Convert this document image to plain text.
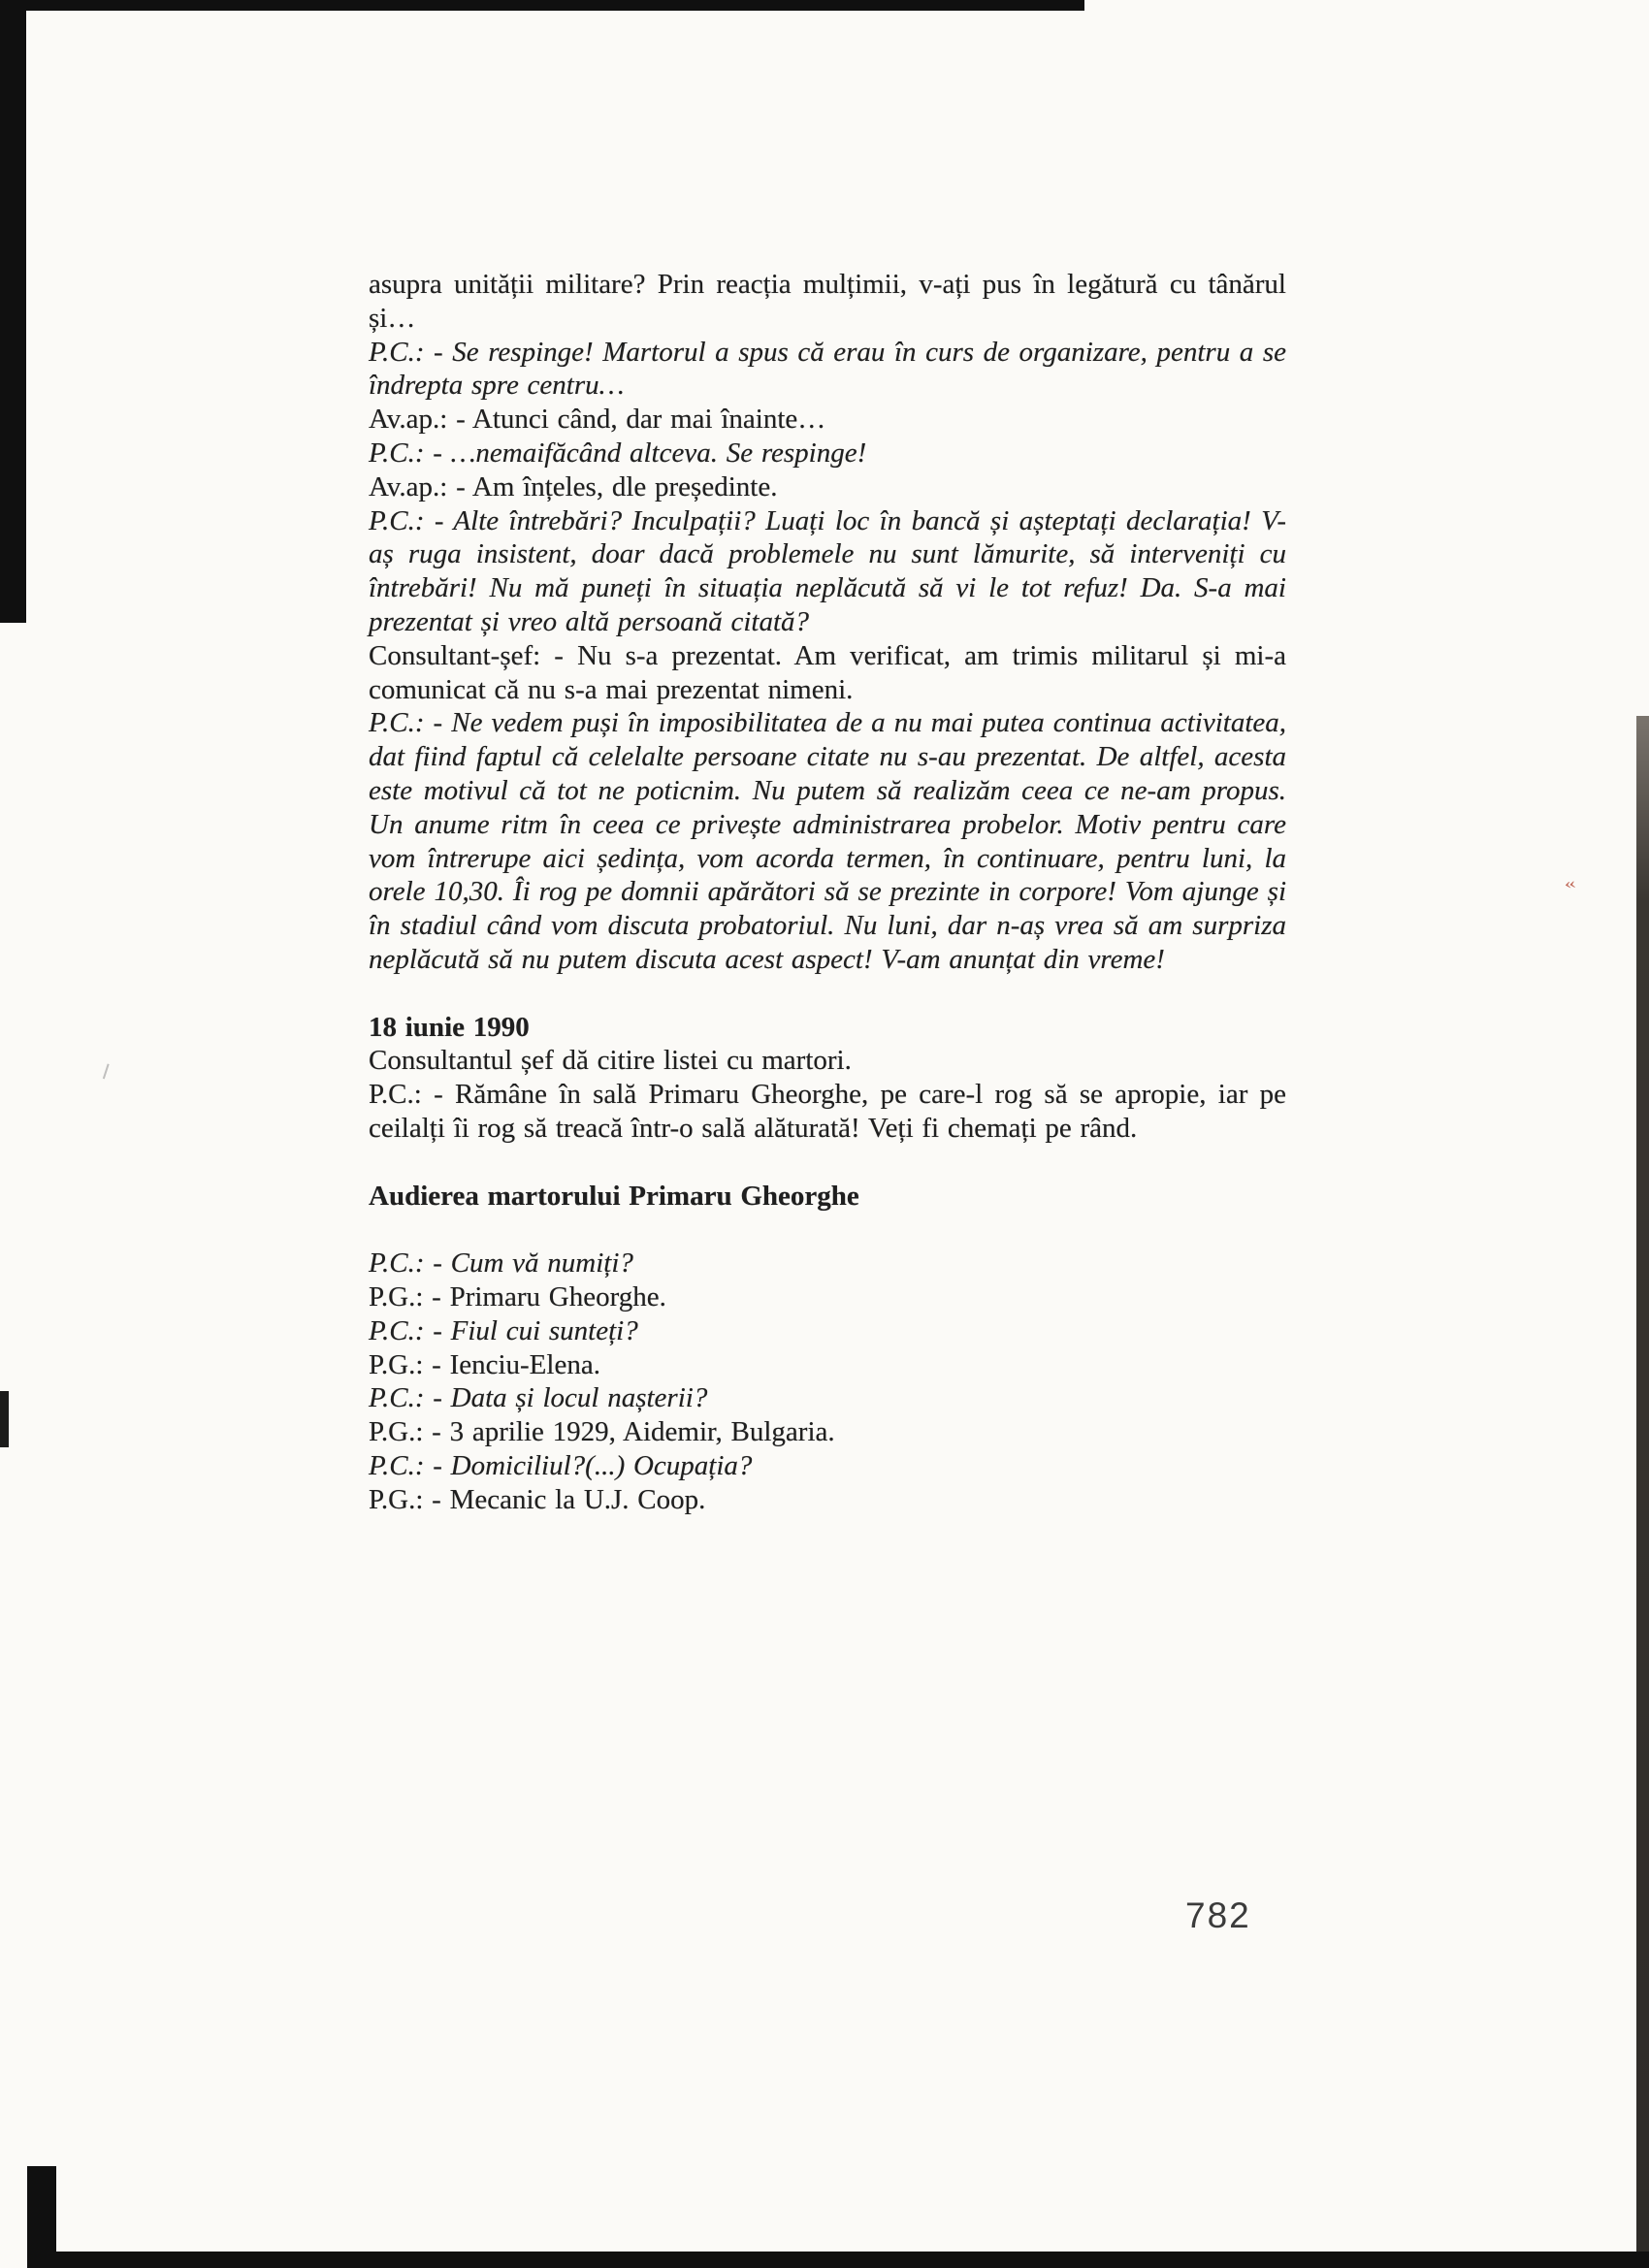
«

asupra unității militare? Prin reacția mulțimii, v-ați pus în legătură cu tânărul și…

P.C.: - Se respinge! Martorul a spus că erau în curs de organizare, pentru a se îndrepta spre centru…

Av.ap.: - Atunci când, dar mai înainte…

P.C.: - …nemaifăcând altceva. Se respinge!

Av.ap.: - Am înțeles, dle președinte.

P.C.: - Alte întrebări? Inculpații? Luați loc în bancă și așteptați declarația! V-aș ruga insistent, doar dacă problemele nu sunt lămurite, să interveniți cu întrebări! Nu mă puneți în situația neplăcută să vi le tot refuz! Da. S-a mai prezentat și vreo altă persoană citată?

Consultant-șef: - Nu s-a prezentat. Am verificat, am trimis militarul și mi-a comunicat că nu s-a mai prezentat nimeni.

P.C.: - Ne vedem puși în imposibilitatea de a nu mai putea continua activitatea, dat fiind faptul că celelalte persoane citate nu s-au prezentat. De altfel, acesta este motivul că tot ne poticnim. Nu putem să realizăm ceea ce ne-am propus. Un anume ritm în ceea ce privește administrarea probelor. Motiv pentru care vom întrerupe aici ședința, vom acorda termen, în continuare, pentru luni, la orele 10,30. Îi rog pe domnii apărători să se prezinte in corpore! Vom ajunge și în stadiul când vom discuta probatoriul. Nu luni, dar n-aș vrea să am surpriza neplăcută să nu putem discuta acest aspect! V-am anunțat din vreme!

18 iunie 1990

Consultantul șef dă citire listei cu martori.

P.C.: - Rămâne în sală Primaru Gheorghe, pe care-l rog să se apropie, iar pe ceilalți îi rog să treacă într-o sală alăturată! Veți fi chemați pe rând.

Audierea martorului Primaru Gheorghe

P.C.: - Cum vă numiți?

P.G.: - Primaru Gheorghe.

P.C.: - Fiul cui sunteți?

P.G.: - Ienciu-Elena.

P.C.: - Data și locul nașterii?

P.G.: - 3 aprilie 1929, Aidemir, Bulgaria.

P.C.: - Domiciliul?(...) Ocupația?

P.G.: - Mecanic la U.J. Coop.

782
